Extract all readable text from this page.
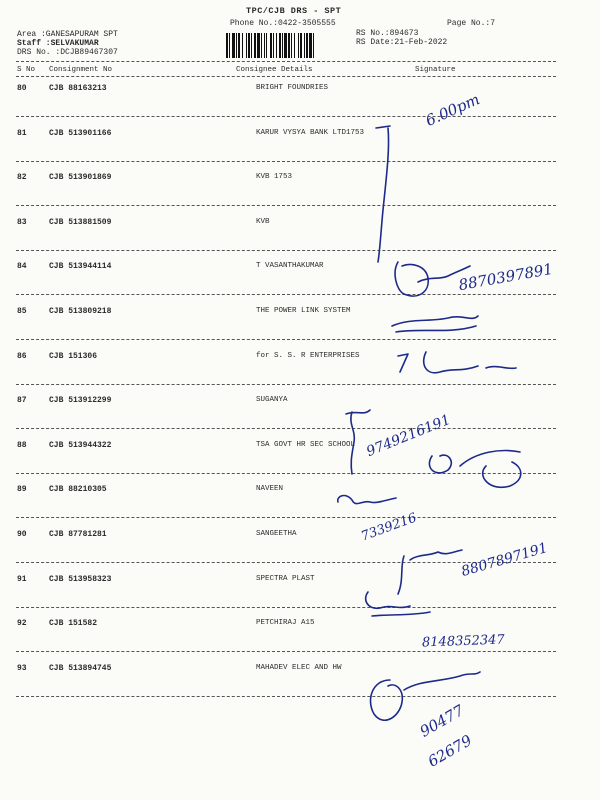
TPC/CJB DRS - SPT
Phone No.:0422-3505555	Page No.:7
RS No.:894673
RS Date:21-Feb-2022
Area :GANESAPURAM SPT
Staff :SELVAKUMAR
DRS No. :DCJB89467307
S No Consignment No	Consignee Details	Signature
80	CJB 88163213	BRIGHT FOUNDRIES
81	CJB 513901166	KARUR VYSYA BANK LTD1753
82	CJB 513901869	KVB 1753
83	CJB 513881509	KVB
84	CJB 513944114	T VASANTHAKUMAR
85	CJB 513809218	THE POWER LINK SYSTEM
86	CJB 151306	for S. S. R ENTERPRISES
87	CJB 513912299	SUGANYA
88	CJB 513944322	TSA GOVT HR SEC SCHOOL
89	CJB 88210305	NAVEEN
90	CJB 87781281	SANGEETHA
91	CJB 513958323	SPECTRA PLAST
92	CJB 151582	PETCHIRAJ A15
93	CJB 513894745	MAHADEV ELEC AND HW
6.00pm
8870397891
9749216191
7339216
8807897191
8148352347
90477
62679
